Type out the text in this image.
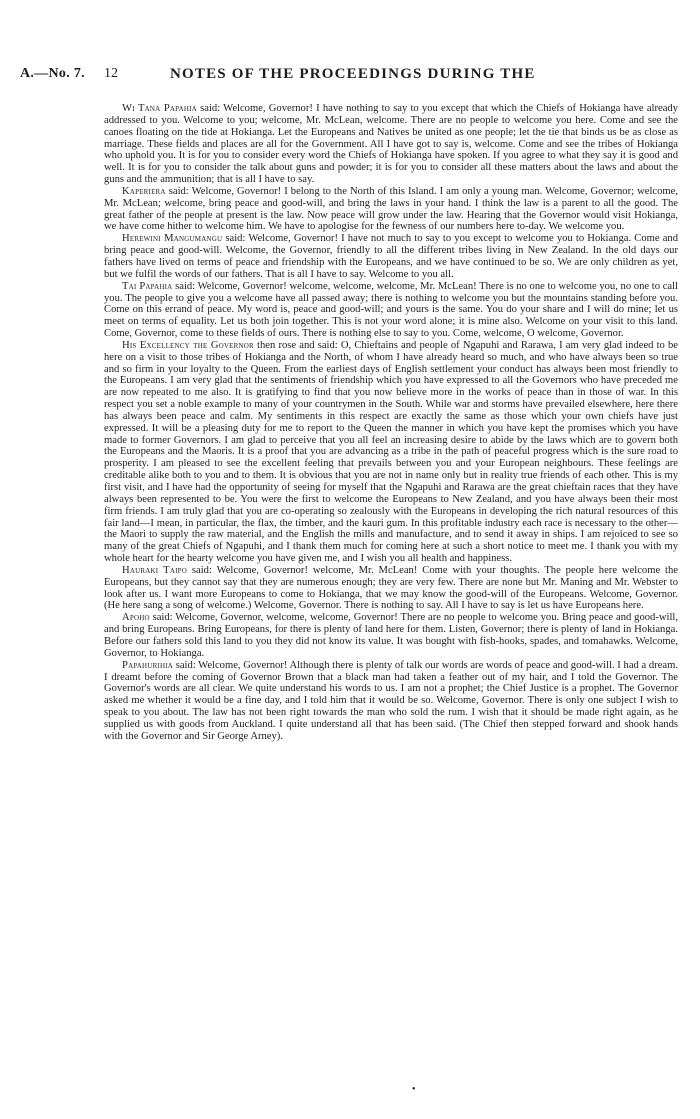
A.—No. 7. 12	NOTES OF THE PROCEEDINGS DURING THE

Wi Tana Papahia said: Welcome, Governor! I have nothing to say to you except that which the Chiefs of Hokianga have already addressed to you. Welcome to you; welcome, Mr. McLean, welcome. There are no people to welcome you here. Come and see the canoes floating on the tide at Hokianga. Let the Europeans and Natives be united as one people; let the tie that binds us be as close as marriage. These fields and places are all for the Government. All I have got to say is, welcome. Come and see the tribes of Hokianga who uphold you. It is for you to consider every word the Chiefs of Hokianga have spoken. If you agree to what they say it is good and well. It is for you to consider the talk about guns and powder; it is for you to consider all these matters about the laws and about the guns and the ammunition; that is all I have to say.

Kaperiera said: Welcome, Governor! I belong to the North of this Island. I am only a young man. Welcome, Governor; welcome, Mr. McLean; welcome, bring peace and good-will, and bring the laws in your hand. I think the law is a parent to all the good. The great father of the people at present is the law. Now peace will grow under the law. Hearing that the Governor would visit Hokianga, we have come hither to welcome him. We have to apologise for the fewness of our numbers here to-day. We welcome you.

Herewini Mangumangu said: Welcome, Governor! I have not much to say to you except to welcome you to Hokianga. Come and bring peace and good-will. Welcome, the Governor, friendly to all the different tribes living in New Zealand. In the old days our fathers have lived on terms of peace and friendship with the Europeans, and we have continued to be so. We are only children as yet, but we fulfil the words of our fathers. That is all I have to say. Welcome to you all.

Tai Papahia said: Welcome, Governor! welcome, welcome, welcome, Mr. McLean! There is no one to welcome you, no one to call you. The people to give you a welcome have all passed away; there is nothing to welcome you but the mountains standing before you. Come on this errand of peace. My word is, peace and good-will; and yours is the same. You do your share and I will do mine; let us meet on terms of equality. Let us both join together. This is not your word alone; it is mine also. Welcome on your visit to this land. Come, Governor, come to these fields of ours. There is nothing else to say to you. Come, welcome, O welcome, Governor.

His Excellency the Governor then rose and said: O, Chieftains and people of Ngapuhi and Rarawa, I am very glad indeed to be here on a visit to those tribes of Hokianga and the North, of whom I have already heard so much, and who have always been so true and so firm in your loyalty to the Queen. From the earliest days of English settlement your conduct has always been most friendly to the Europeans. I am very glad that the sentiments of friendship which you have expressed to all the Governors who have preceded me are now repeated to me also. It is gratifying to find that you now believe more in the works of peace than in those of war. In this respect you set a noble example to many of your countrymen in the South. While war and storms have prevailed elsewhere, here there has always been peace and calm. My sentiments in this respect are exactly the same as those which your own chiefs have just expressed. It will be a pleasing duty for me to report to the Queen the manner in which you have kept the promises which you have made to former Governors. I am glad to perceive that you all feel an increasing desire to abide by the laws which are to govern both the Europeans and the Maoris. It is a proof that you are advancing as a tribe in the path of peaceful progress which is the sure road to prosperity. I am pleased to see the excellent feeling that prevails between you and your European neighbours. These feelings are creditable alike both to you and to them. It is obvious that you are not in name only but in reality true friends of each other. This is my first visit, and I have had the opportunity of seeing for myself that the Ngapuhi and Rarawa are the great chieftain races that they have always been represented to be. You were the first to welcome the Europeans to New Zealand, and you have always been their most firm friends. I am truly glad that you are co-operating so zealously with the Europeans in developing the rich natural resources of this fair land—I mean, in particular, the flax, the timber, and the kauri gum. In this profitable industry each race is necessary to the other—the Maori to supply the raw material, and the English the mills and manufacture, and to send it away in ships. I am rejoiced to see so many of the great Chiefs of Ngapuhi, and I thank them much for coming here at such a short notice to meet me. I thank you with my whole heart for the hearty welcome you have given me, and I wish you all health and happiness.

Hauraki Taipo said: Welcome, Governor! welcome, Mr. McLean! Come with your thoughts. The people here welcome the Europeans, but they cannot say that they are numerous enough; they are very few. There are none but Mr. Maning and Mr. Webster to look after us. I want more Europeans to come to Hokianga, that we may know the good-will of the Europeans. Welcome, Governor. (He here sang a song of welcome.) Welcome, Governor. There is nothing to say. All I have to say is let us have Europeans here.

Apoho said: Welcome, Governor, welcome, welcome, Governor! There are no people to welcome you. Bring peace and good-will, and bring Europeans. Bring Europeans, for there is plenty of land here for them. Listen, Governor; there is plenty of land in Hokianga. Before our fathers sold this land to you they did not know its value. It was bought with fish-hooks, spades, and tomahawks. Welcome, Governor, to Hokianga.

Papahurihia said: Welcome, Governor! Although there is plenty of talk our words are words of peace and good-will. I had a dream. I dreamt before the coming of Governor Brown that a black man had taken a feather out of my hair, and I told the Governor. The Governor's words are all clear. We quite understand his words to us. I am not a prophet; the Chief Justice is a prophet. The Governor asked me whether it would be a fine day, and I told him that it would be so. Welcome, Governor. There is only one subject I wish to speak to you about. The law has not been right towards the man who sold the rum. I wish that it should be made right again, as he supplied us with goods from Auckland. I quite understand all that has been said. (The Chief then stepped forward and shook hands with the Governor and Sir George Arney).

•
